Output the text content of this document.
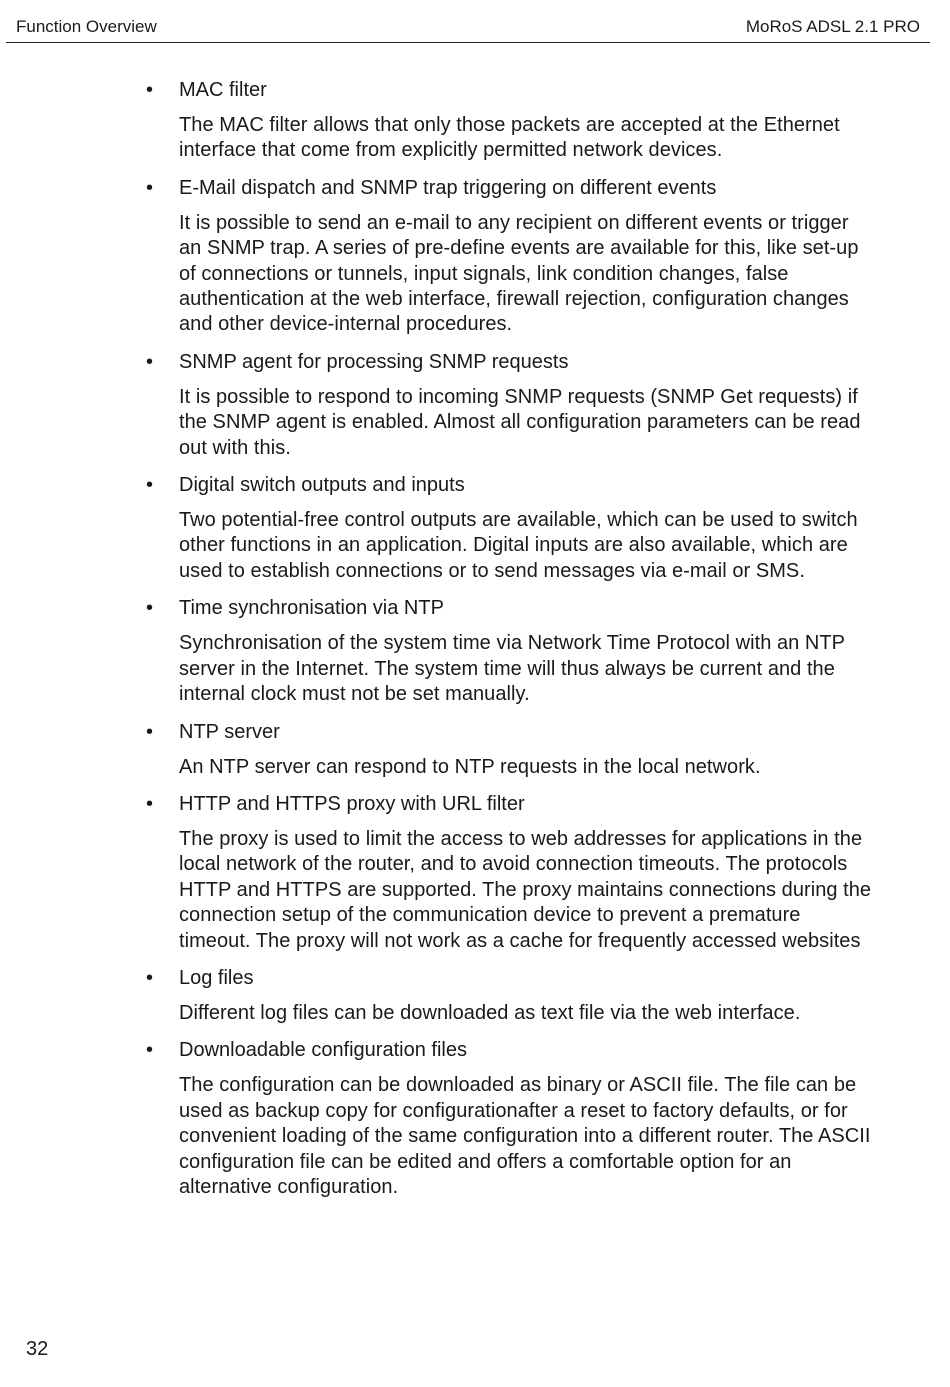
Function Overview	MoRoS ADSL 2.1 PRO
• MAC filter
The MAC filter allows that only those packets are accepted at the Ethernet interface that come from explicitly permitted network devices.
• E-Mail dispatch and SNMP trap triggering on different events
It is possible to send an e-mail to any recipient on different events or trigger an SNMP trap. A series of pre-define events are available for this, like set-up of connections or tunnels, input signals, link condition changes, false authentication at the web interface, firewall rejection, configuration changes and other device-internal procedures.
• SNMP agent for processing SNMP requests
It is possible to respond to incoming SNMP requests (SNMP Get requests) if the SNMP agent is enabled. Almost all configuration parameters can be read out with this.
• Digital switch outputs and inputs
Two potential-free control outputs are available, which can be used to switch other functions in an application. Digital inputs are also available, which are used to establish connections or to send messages via e-mail or SMS.
• Time synchronisation via NTP
Synchronisation of the system time via Network Time Protocol with an NTP server in the Internet. The system time will thus always be current and the internal clock must not be set manually.
• NTP server
An NTP server can respond to NTP requests in the local network.
• HTTP and HTTPS proxy with URL filter
The proxy is used to limit the access to web addresses for applications in the local network of the router, and to avoid connection timeouts. The protocols HTTP and HTTPS are supported. The proxy maintains connections during the connection setup of the communication device to prevent a premature timeout. The proxy will not work as a cache for frequently accessed websites
• Log files
Different log files can be downloaded as text file via the web interface.
• Downloadable configuration files
The configuration can be downloaded as binary or ASCII file. The file can be used as backup copy for configurationafter a reset to factory defaults, or for convenient loading of the same configuration into a different router. The ASCII configuration file can be edited and offers a comfortable option for an alternative configuration.
32
